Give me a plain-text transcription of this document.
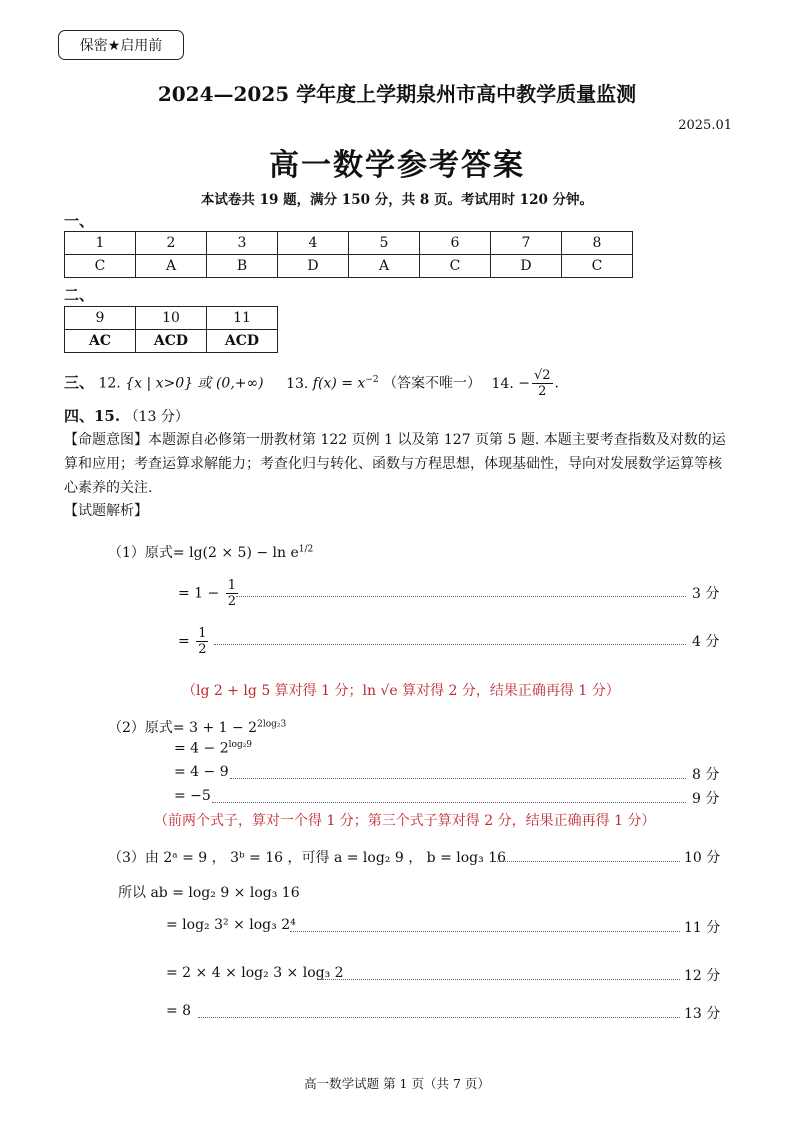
保密★启用前
2024—2025 学年度上学期泉州市高中教学质量监测
2025.01
高一数学参考答案
本试卷共 19 题，满分 150 分，共 8 页。考试用时 120 分钟。
一、
1	2	3	4	5	6	7	8
C	A	B	D	A	C	D	C
二、
9	10	11
AC	ACD	ACD
三、 12. {x | x>0} 或 (0,+∞) 13. $f(x) = x^{-2}$ （答案不唯一） 14. − $\frac{√2}{2}$ .
四、15. （13 分）
【命题意图】本题源自必修第一册教材第 122 页例 1 以及第 127 页第 5 题. 本题主要考查指数及对数的运算和应用；考查运算求解能力；考查化归与转化、函数与方程思想，体现基础性，导向对发展数学运算等核心素养的关注.
【试题解析】
（1）原式= $\lg(2 \times 5) - \ln e^{1/2}$
= $1 - \frac{1}{2}$	3 分
= $\frac{1}{2}$	4 分
（lg 2 + lg 5 算对得 1 分；ln √e 算对得 2 分，结果正确再得 1 分）
（2）原式= $3 + 1 - 2^{2log_23}$
= $4 - 2^{log_29}$
= 4 − 9	8 分
= −5	9 分
（前两个式子，算对一个得 1 分；第三个式子算对得 2 分，结果正确再得 1 分）
（3）由 2ᵃ = 9 ， 3ᵇ = 16 ，可得 a = log₂ 9 ， b = log₃ 16	10 分
所以 ab = log₂ 9 × log₃ 16
= log₂ 3² × log₃ 2⁴	11 分
= 2 × 4 × log₂ 3 × log₃ 2	12 分
= 8	13 分
高一数学试题 第 1 页（共 7 页）
